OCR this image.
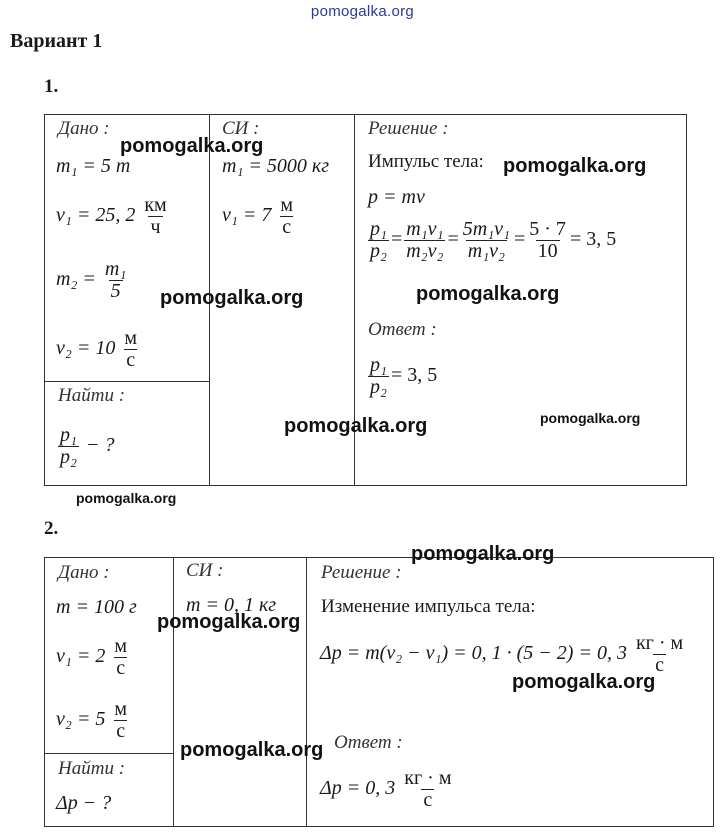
pomogalka.org
Вариант 1
1.
Дано :
m₁ = 5 т
v₁ = 25, $2 \frac{км}{ч}$
$m_2 = \frac{\text{m₁}}{5}$
$v_2 = 10 \frac{м}{с}$
Найти :
$\frac{\text{p₁}}{\text{p₂}}$ − ?
СИ :
m₁ = 5000 кг
$v_1 = 7 \frac{м}{с}$
Решение :
Импульс тела:
p = mv
$\frac{\text{p₁}}{\text{p₂}} = \frac{\text{m₁v₁}}{\text{m₂v₂}} = \frac{\text{5m₁v₁}}{\text{m₁v₂}} = \frac{5 \cdot 7}{10} = 3$, 5
Ответ :
$\frac{\text{p₁}}{\text{p₂}} = 3$, 5
2.
Дано :
m = 100 г
$v_1 = 2 \frac{м}{с}$
$v_2 = 5 \frac{м}{с}$
Найти :
Δp − ?
СИ :
m = 0, 1 кг
Решение :
Изменение импульса тела:
Δp = m(v₂ − v₁) = 0, 1 · (5 − 2) = 0, $3 \frac{кг \cdot м}{с}$
Ответ :
Δp = 0, $3 \frac{кг \cdot м}{с}$
pomogalka.org
pomogalka.org
pomogalka.org	pomogalka.org
pomogalka.org	pomogalka.org
pomogalka.org
pomogalka.org
pomogalka.org
pomogalka.org
pomogalka.org
